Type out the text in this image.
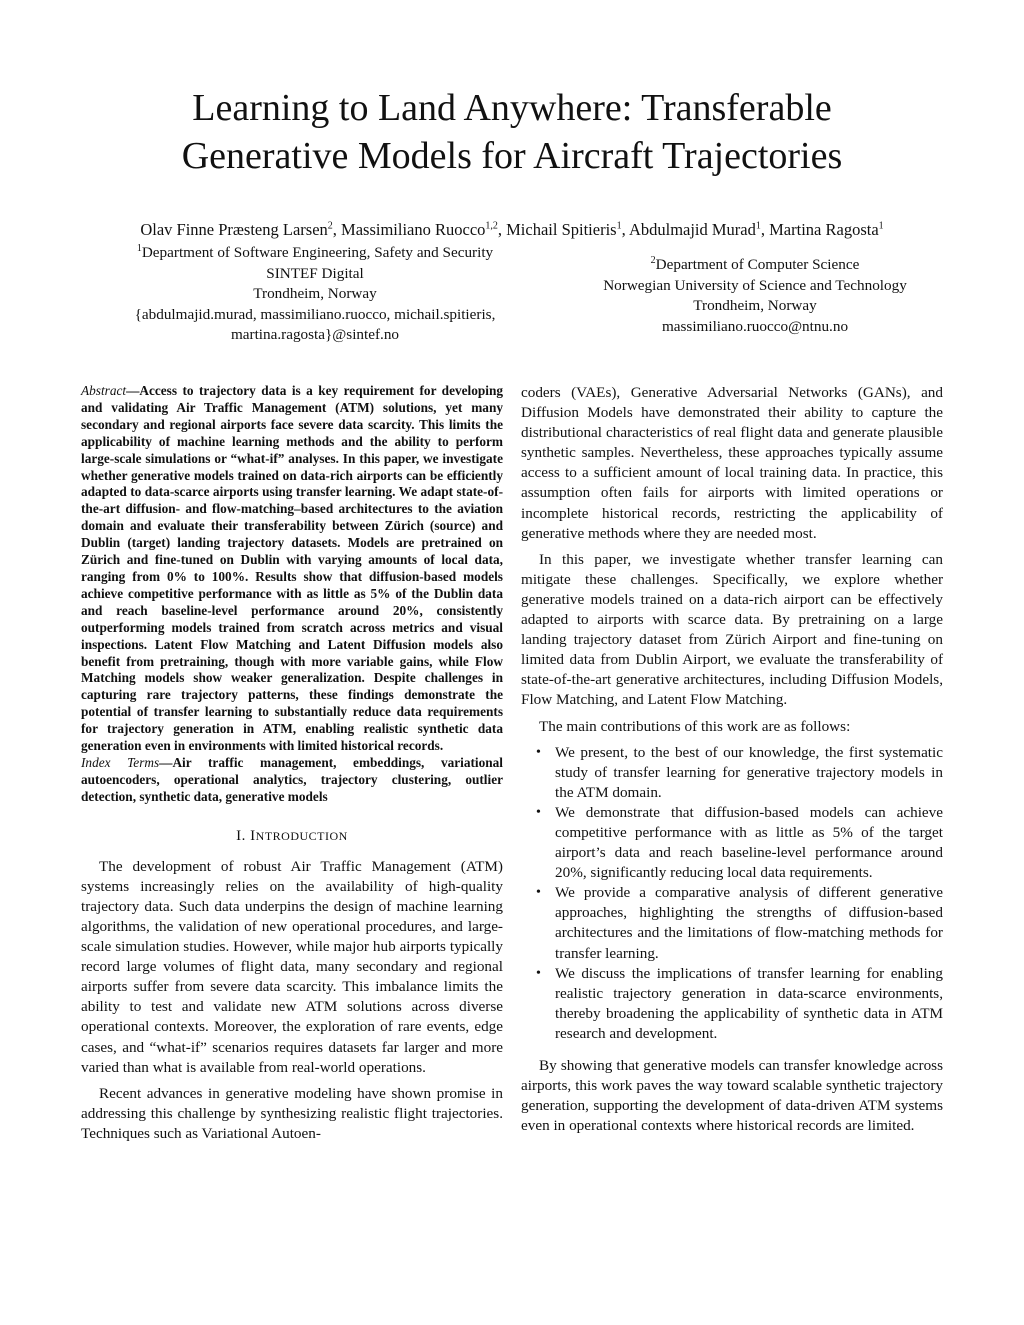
Learning to Land Anywhere: Transferable
Generative Models for Aircraft Trajectories
Olav Finne Præsteng Larsen$^2$, Massimiliano Ruocco$^{1,2}$, Michail Spitieris$^1$, Abdulmajid Murad$^1$, Martina Ragosta$^1$
$^1$Department of Software Engineering, Safety and Security
SINTEF Digital
Trondheim, Norway
{abdulmajid.murad, massimiliano.ruocco, michail.spitieris,
martina.ragosta}@sintef.no
$^2$Department of Computer Science
Norwegian University of Science and Technology
Trondheim, Norway
massimiliano.ruocco@ntnu.no
Abstract—Access to trajectory data is a key requirement for developing and validating Air Traffic Management (ATM) solutions, yet many secondary and regional airports face severe data scarcity. This limits the applicability of machine learning methods and the ability to perform large-scale simulations or “what-if” analyses. In this paper, we investigate whether generative models trained on data-rich airports can be efficiently adapted to data-scarce airports using transfer learning. We adapt state-of-the-art diffusion- and flow-matching–based architectures to the aviation domain and evaluate their transferability between Zürich (source) and Dublin (target) landing trajectory datasets. Models are pretrained on Zürich and fine-tuned on Dublin with varying amounts of local data, ranging from 0% to 100%. Results show that diffusion-based models achieve competitive performance with as little as 5% of the Dublin data and reach baseline-level performance around 20%, consistently outperforming models trained from scratch across metrics and visual inspections. Latent Flow Matching and Latent Diffusion models also benefit from pretraining, though with more variable gains, while Flow Matching models show weaker generalization. Despite challenges in capturing rare trajectory patterns, these findings demonstrate the potential of transfer learning to substantially reduce data requirements for trajectory generation in ATM, enabling realistic synthetic data generation even in environments with limited historical records.
Index Terms—Air traffic management, embeddings, variational autoencoders, operational analytics, trajectory clustering, outlier detection, synthetic data, generative models
I. INTRODUCTION

The development of robust Air Traffic Management (ATM) systems increasingly relies on the availability of high-quality trajectory data. Such data underpins the design of machine learning algorithms, the validation of new operational procedures, and large-scale simulation studies. However, while major hub airports typically record large volumes of flight data, many secondary and regional airports suffer from severe data scarcity. This imbalance limits the ability to test and validate new ATM solutions across diverse operational contexts. Moreover, the exploration of rare events, edge cases, and “what-if” scenarios requires datasets far larger and more varied than what is available from real-world operations.

Recent advances in generative modeling have shown promise in addressing this challenge by synthesizing realistic flight trajectories. Techniques such as Variational Autoen-

coders (VAEs), Generative Adversarial Networks (GANs), and Diffusion Models have demonstrated their ability to capture the distributional characteristics of real flight data and generate plausible synthetic samples. Nevertheless, these approaches typically assume access to a sufficient amount of local training data. In practice, this assumption often fails for airports with limited operations or incomplete historical records, restricting the applicability of generative methods where they are needed most.

In this paper, we investigate whether transfer learning can mitigate these challenges. Specifically, we explore whether generative models trained on a data-rich airport can be effectively adapted to airports with scarce data. By pretraining on a large landing trajectory dataset from Zürich Airport and fine-tuning on limited data from Dublin Airport, we evaluate the transferability of state-of-the-art generative architectures, including Diffusion Models, Flow Matching, and Latent Flow Matching.

The main contributions of this work are as follows:

• We present, to the best of our knowledge, the first systematic study of transfer learning for generative trajectory models in the ATM domain.
• We demonstrate that diffusion-based models can achieve competitive performance with as little as 5% of the target airport’s data and reach baseline-level performance around 20%, significantly reducing local data requirements.
• We provide a comparative analysis of different generative approaches, highlighting the strengths of diffusion-based architectures and the limitations of flow-matching methods for transfer learning.
• We discuss the implications of transfer learning for enabling realistic trajectory generation in data-scarce environments, thereby broadening the applicability of synthetic data in ATM research and development.

By showing that generative models can transfer knowledge across airports, this work paves the way toward scalable synthetic trajectory generation, supporting the development of data-driven ATM systems even in operational contexts where historical records are limited.
